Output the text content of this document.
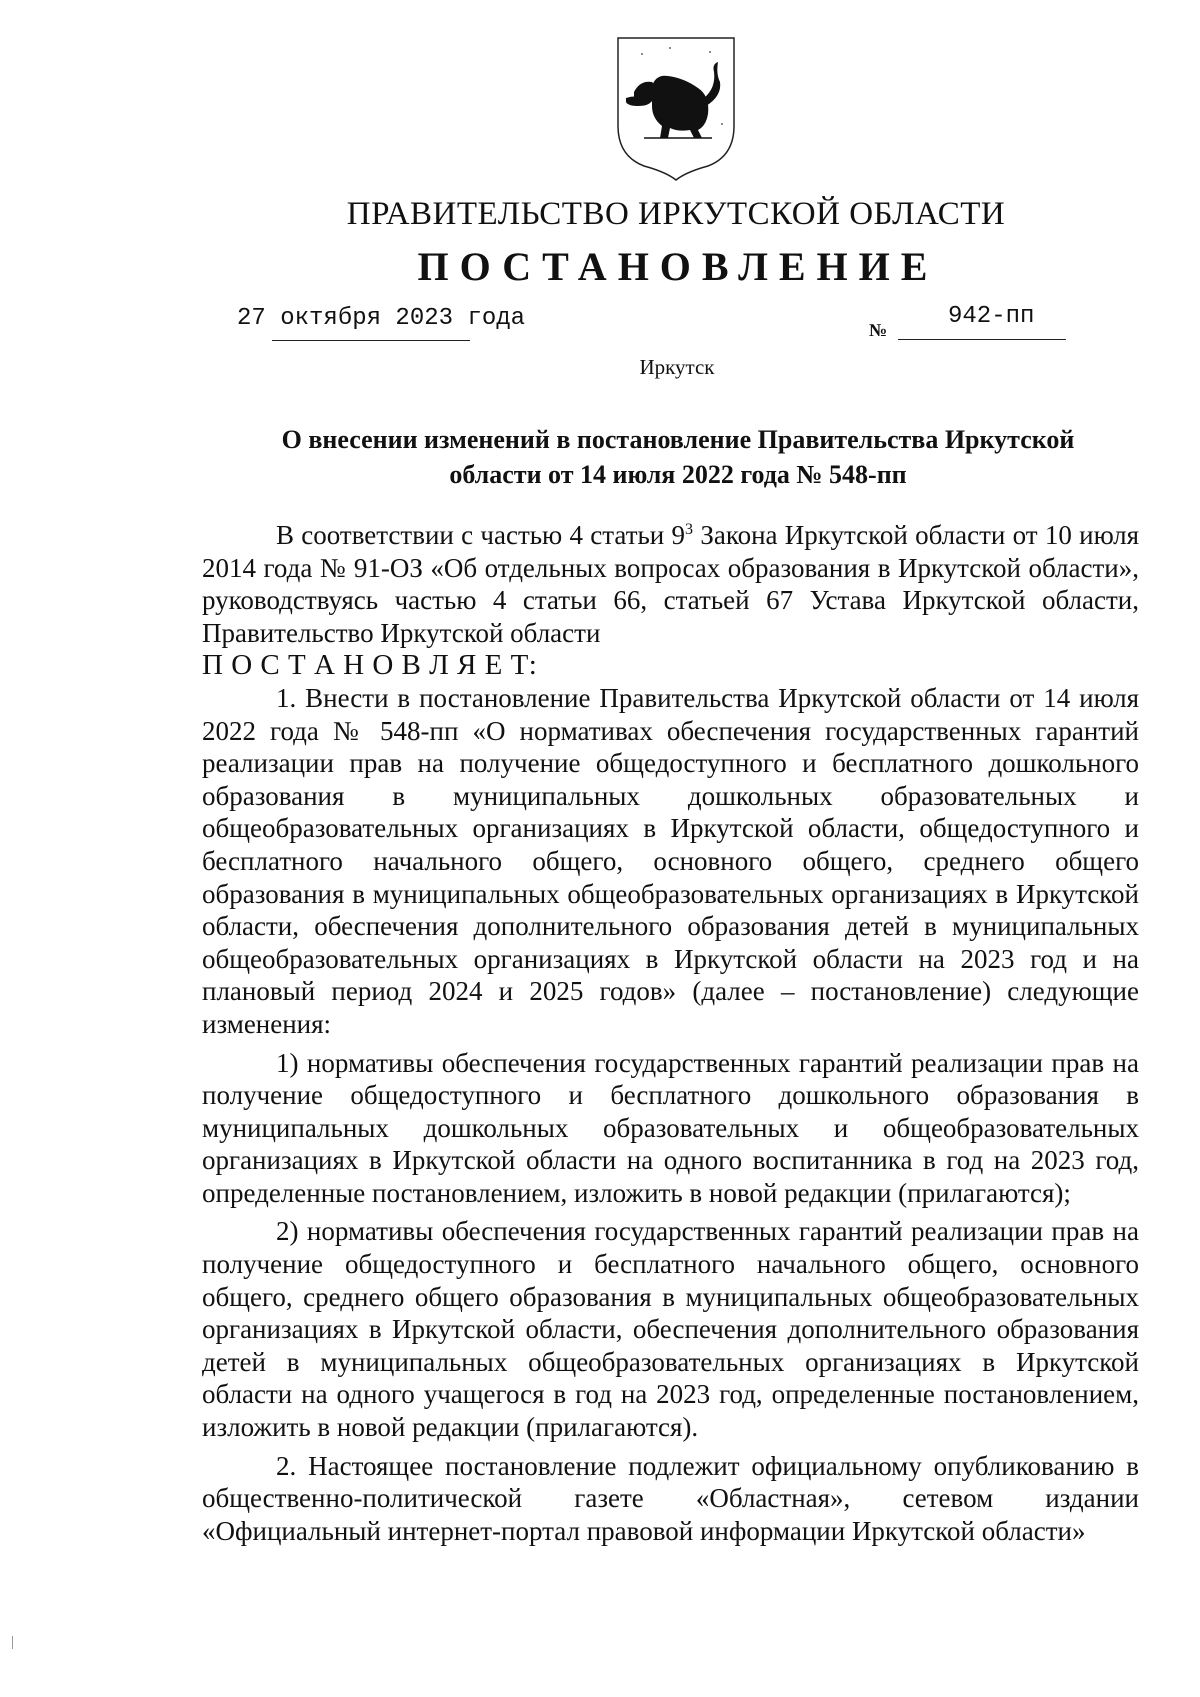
ПРАВИТЕЛЬСТВО ИРКУТСКОЙ ОБЛАСТИ
ПОСТАНОВЛЕНИЕ
27 октября 2023 года	№	942-пп
Иркутск
О внесении изменений в постановление Правительства Иркутской
области от 14 июля 2022 года № 548-пп

В соответствии с частью 4 статьи $9^3$ Закона Иркутской области от 10 июля 2014 года № 91-ОЗ «Об отдельных вопросах образования в Иркутской области», руководствуясь частью 4 статьи 66, статьей 67 Устава Иркутской области, Правительство Иркутской области

П О С Т А Н О В Л Я Е Т:

1. Внести в постановление Правительства Иркутской области от 14 июля 2022 года № 548-пп «О нормативах обеспечения государственных гарантий реализации прав на получение общедоступного и бесплатного дошкольного образования в муниципальных дошкольных образовательных и общеобразовательных организациях в Иркутской области, общедоступного и бесплатного начального общего, основного общего, среднего общего образования в муниципальных общеобразовательных организациях в Иркутской области, обеспечения дополнительного образования детей в муниципальных общеобразовательных организациях в Иркутской области на 2023 год и на плановый период 2024 и 2025 годов» (далее – постановление) следующие изменения:

1) нормативы обеспечения государственных гарантий реализации прав на получение общедоступного и бесплатного дошкольного образования в муниципальных дошкольных образовательных и общеобразовательных организациях в Иркутской области на одного воспитанника в год на 2023 год, определенные постановлением, изложить в новой редакции (прилагаются);

2) нормативы обеспечения государственных гарантий реализации прав на получение общедоступного и бесплатного начального общего, основного общего, среднего общего образования в муниципальных общеобразовательных организациях в Иркутской области, обеспечения дополнительного образования детей в муниципальных общеобразовательных организациях в Иркутской области на одного учащегося в год на 2023 год, определенные постановлением, изложить в новой редакции (прилагаются).

2. Настоящее постановление подлежит официальному опубликованию в общественно-политической газете «Областная», сетевом издании «Официальный интернет-портал правовой информации Иркутской области»
